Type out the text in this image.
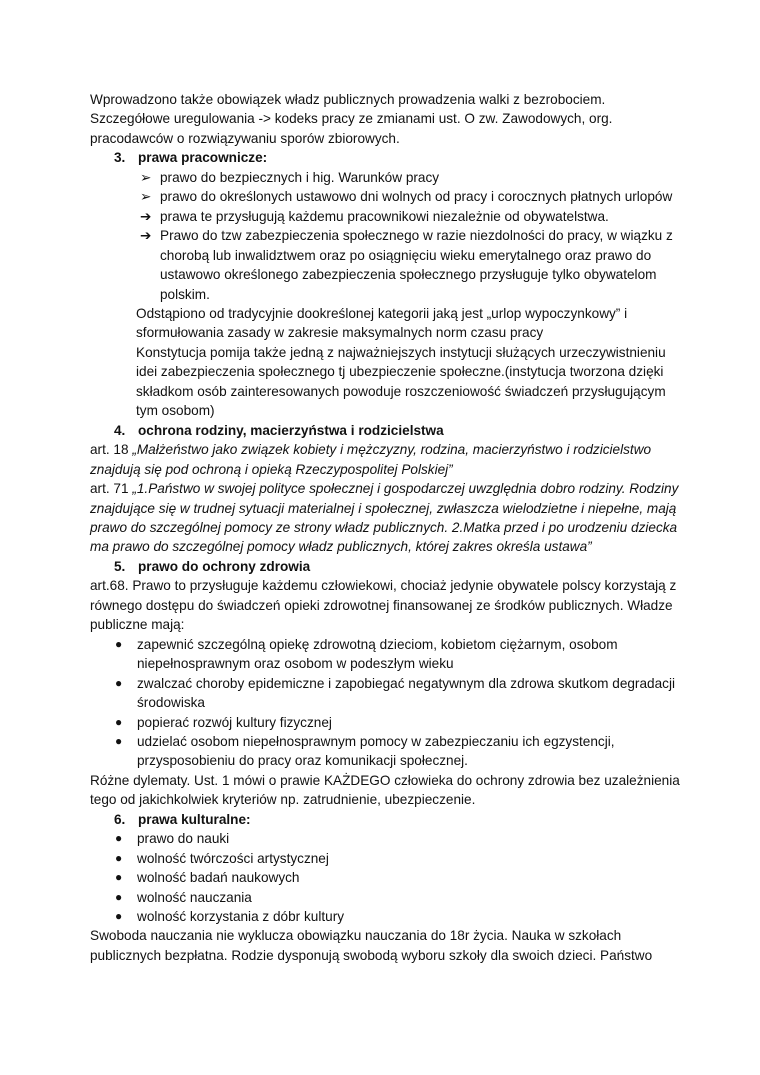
Wprowadzono także obowiązek władz publicznych prowadzenia walki z bezrobociem. Szczegółowe uregulowania -> kodeks pracy ze zmianami ust. O zw. Zawodowych, org. pracodawców o rozwiązywaniu sporów zbiorowych.

3. prawa pracownicze:
➢ prawo do bezpiecznych i hig. Warunków pracy
➢ prawo do określonych ustawowo dni wolnych od pracy i corocznych płatnych urlopów
➔ prawa te przysługują każdemu pracownikowi niezależnie od obywatelstwa.
➔ Prawo do tzw zabezpieczenia społecznego w razie niezdolności do pracy, w wiązku z chorobą lub inwalidztwem oraz po osiągnięciu wieku emerytalnego oraz prawo do ustawowo określonego zabezpieczenia społecznego przysługuje tylko obywatelom polskim.

Odstąpiono od tradycyjnie dookreślonej kategorii jaką jest „urlop wypoczynkowy” i sformułowania zasady w zakresie maksymalnych norm czasu pracy

Konstytucja pomija także jedną z najważniejszych instytucji służących urzeczywistnieniu idei zabezpieczenia społecznego tj ubezpieczenie społeczne.(instytucja tworzona dzięki składkom osób zainteresowanych powoduje roszczeniowość świadczeń przysługującym tym osobom)

4. ochrona rodziny, macierzyństwa i rodzicielstwa

art. 18 „Małżeństwo jako związek kobiety i mężczyzny, rodzina, macierzyństwo i rodzicielstwo znajdują się pod ochroną i opieką Rzeczypospolitej Polskiej”

art. 71 „1.Państwo w swojej polityce społecznej i gospodarczej uwzględnia dobro rodziny. Rodziny znajdujące się w trudnej sytuacji materialnej i społecznej, zwłaszcza wielodzietne i niepełne, mają prawo do szczególnej pomocy ze strony władz publicznych. 2.Matka przed i po urodzeniu dziecka ma prawo do szczególnej pomocy władz publicznych, której zakres określa ustawa”

5. prawo do ochrony zdrowia

art.68. Prawo to przysługuje każdemu człowiekowi, chociaż jedynie obywatele polscy korzystają z równego dostępu do świadczeń opieki zdrowotnej finansowanej ze środków publicznych. Władze publiczne mają:

● zapewnić szczególną opiekę zdrowotną dzieciom, kobietom ciężarnym, osobom niepełnosprawnym oraz osobom w podeszłym wieku
● zwalczać choroby epidemiczne i zapobiegać negatywnym dla zdrowa skutkom degradacji środowiska
● popierać rozwój kultury fizycznej
● udzielać osobom niepełnosprawnym pomocy w zabezpieczaniu ich egzystencji, przysposobieniu do pracy oraz komunikacji społecznej.

Różne dylematy. Ust. 1 mówi o prawie KAŻDEGO człowieka do ochrony zdrowia bez uzależnienia tego od jakichkolwiek kryteriów np. zatrudnienie, ubezpieczenie.

6. prawa kulturalne:
● prawo do nauki
● wolność twórczości artystycznej
● wolność badań naukowych
● wolność nauczania
● wolność korzystania z dóbr kultury

Swoboda nauczania nie wyklucza obowiązku nauczania do 18r życia. Nauka w szkołach publicznych bezpłatna. Rodzie dysponują swobodą wyboru szkoły dla swoich dzieci. Państwo
